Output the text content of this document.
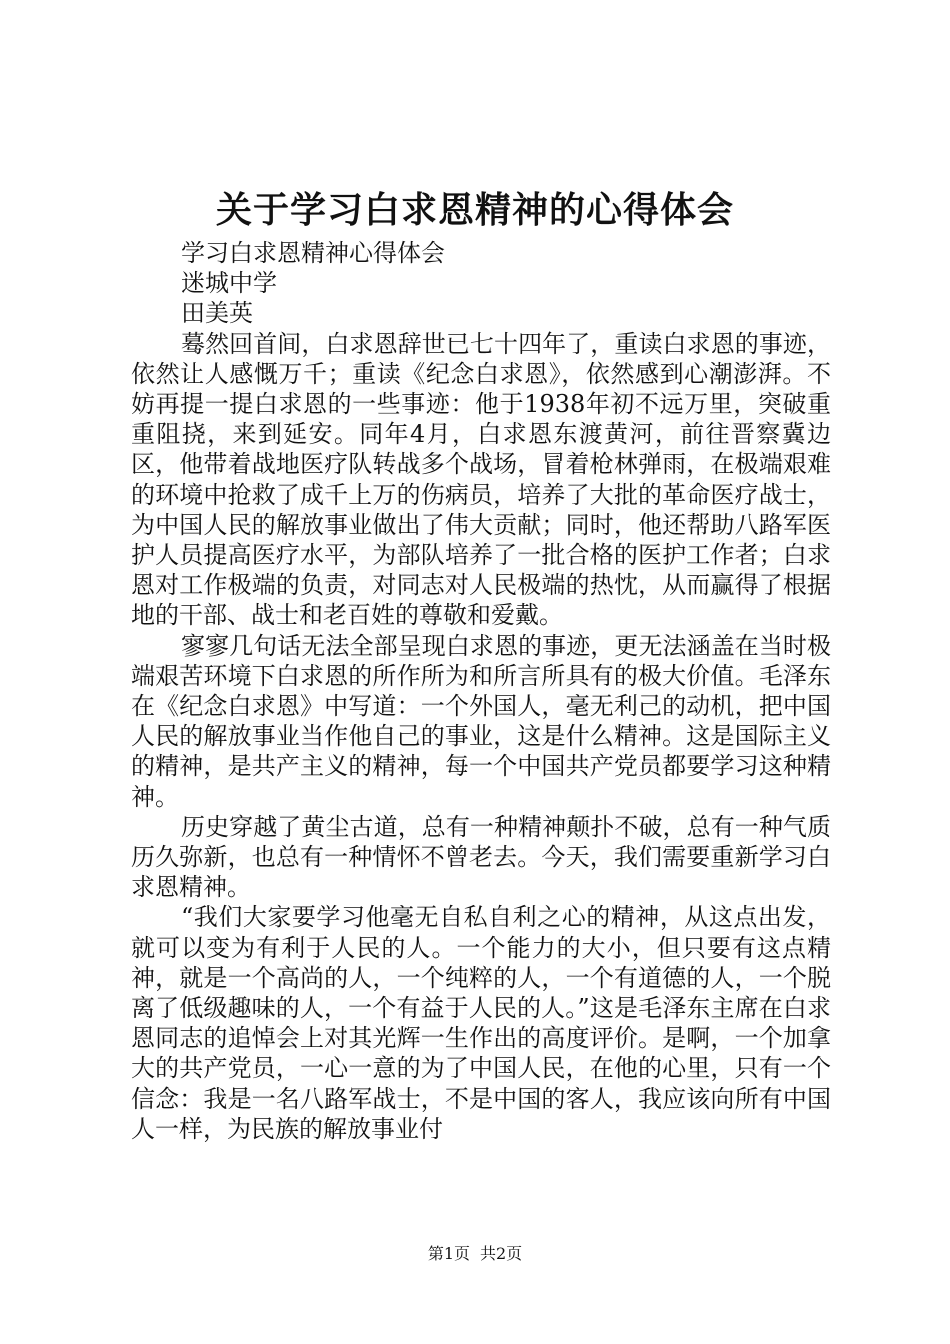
关于学习白求恩精神的心得体会
学习白求恩精神心得体会
迷城中学
田美英

蓦然回首间，白求恩辞世已七十四年了，重读白求恩的事迹，依然让人感慨万千；重读《纪念白求恩》，依然感到心潮澎湃。不妨再提一提白求恩的一些事迹：他于1938年初不远万里，突破重重阻挠，来到延安。同年4月，白求恩东渡黄河，前往晋察冀边区，他带着战地医疗队转战多个战场，冒着枪林弹雨，在极端艰难的环境中抢救了成千上万的伤病员，培养了大批的革命医疗战士，为中国人民的解放事业做出了伟大贡献；同时，他还帮助八路军医护人员提高医疗水平，为部队培养了一批合格的医护工作者；白求恩对工作极端的负责，对同志对人民极端的热忱，从而赢得了根据地的干部、战士和老百姓的尊敬和爱戴。

寥寥几句话无法全部呈现白求恩的事迹，更无法涵盖在当时极端艰苦环境下白求恩的所作所为和所言所具有的极大价值。毛泽东在《纪念白求恩》中写道：一个外国人，毫无利己的动机，把中国人民的解放事业当作他自己的事业，这是什么精神。这是国际主义的精神，是共产主义的精神，每一个中国共产党员都要学习这种精神。

历史穿越了黄尘古道，总有一种精神颠扑不破，总有一种气质历久弥新，也总有一种情怀不曾老去。今天，我们需要重新学习白求恩精神。

“我们大家要学习他毫无自私自利之心的精神，从这点出发，就可以变为有利于人民的人。一个能力的大小，但只要有这点精神，就是一个高尚的人，一个纯粹的人，一个有道德的人，一个脱离了低级趣味的人，一个有益于人民的人。”这是毛泽东主席在白求恩同志的追悼会上对其光辉一生作出的高度评价。是啊，一个加拿大的共产党员，一心一意的为了中国人民，在他的心里，只有一个信念：我是一名八路军战士，不是中国的客人，我应该向所有中国人一样，为民族的解放事业付

第1页 共2页
